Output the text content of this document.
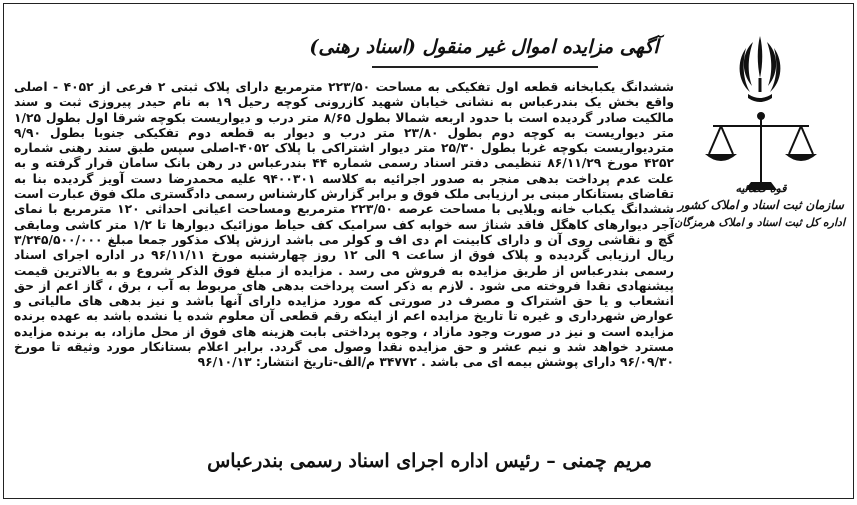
آگهی مزایده اموال غیر منقول (اسناد رهنی)

ششدانگ یکبابخانه قطعه اول تفکیکی به مساحت ۲۲۳/۵۰ مترمربع دارای پلاک ثبتی ۲ فرعی از ۴۰۵۲ - اصلی واقع بخش یک بندرعباس به نشانی خیابان شهید کازرونی کوچه رحیل ۱۹ به نام حیدر پیروزی ثبت و سند مالکیت صادر گردیده است با حدود اربعه شمالا بطول ۸/۶۵ متر درب و دیواریست بکوچه شرقا اول بطول ۱/۲۵ متر دیواریست به کوچه دوم بطول ۲۳/۸۰ متر درب و دیوار به قطعه دوم تفکیکی جنوبا بطول ۹/۹۰ متردیواریست بکوچه غربا بطول ۲۵/۳۰ متر دیوار اشتراکی با پلاک ۴۰۵۲-اصلی سپس طبق سند رهنی شماره ۴۲۵۲ مورخ ۸۶/۱۱/۲۹ تنظیمی دفتر اسناد رسمی شماره ۴۴ بندرعباس در رهن بانک سامان قرار گرفته و به علت عدم پرداخت بدهی منجر به صدور اجرائیه به کلاسه ۹۴۰۰۳۰۱ علیه محمدرضا دست آویز گردیده بنا به تقاضای بستانکار مبنی بر ارزیابی ملک فوق و برابر گزارش کارشناس رسمی دادگستری ملک فوق عبارت است ششدانگ یکباب خانه ویلایی با مساحت عرصه ۲۲۳/۵۰ مترمربع ومساحت اعیانی احداثی ۱۲۰ مترمربع با نمای آجر دیوارهای کاهگل فاقد شناژ سه خوابه کف سرامیک کف حیاط موزائیک دیوارها تا ۱/۲ متر کاشی ومابقی گچ و نقاشی روی آن و دارای کابینت ام دی اف و کولر می باشد ارزش پلاک مذکور جمعا مبلغ ۳/۲۴۵/۵۰۰/۰۰۰ ریال ارزیابی گردیده و پلاک فوق از ساعت ۹ الی ۱۲ روز چهارشنبه مورخ ۹۶/۱۱/۱۱ در اداره اجرای اسناد رسمی بندرعباس از طریق مزایده به فروش می رسد . مزایده از مبلغ فوق الذکر شروع و به بالاترین قیمت پیشنهادی نقدا فروخته می شود . لازم به ذکر است پرداخت بدهی های مربوط به آب ، برق ، گاز اعم از حق انشعاب و یا حق اشتراک و مصرف در صورتی که مورد مزایده دارای آنها باشد و نیز بدهی های مالیاتی و عوارض شهرداری و غیره تا تاریخ مزایده اعم از اینکه رقم قطعی آن معلوم شده یا نشده باشد به عهده برنده مزایده است و نیز در صورت وجود مازاد ، وجوه پرداختی بابت هزینه های فوق از محل مازاد، به برنده مزایده مسترد خواهد شد و نیم عشر و حق مزایده نقدا وصول می گردد. برابر اعلام بستانکار مورد وثیقه تا مورخ ۹۶/۰۹/۳۰ دارای پوشش بیمه ای می باشد . ۳۴۷۷۲ م/الف-تاریخ انتشار: ۹۶/۱۰/۱۳

قوه قضائیه
سازمان ثبت اسناد و املاک کشور
اداره کل ثبت اسناد و املاک هرمزگان

مریم چمنی – رئیس اداره اجرای اسناد رسمی بندرعباس
